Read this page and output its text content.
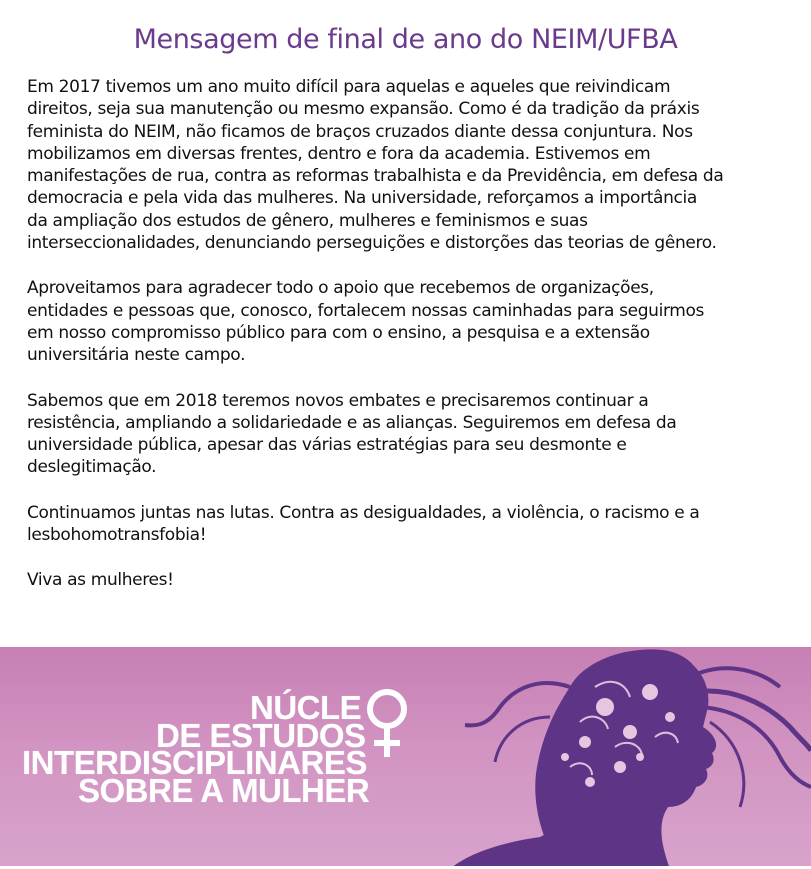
Mensagem de final de ano do NEIM/UFBA

Em 2017 tivemos um ano muito difícil para aquelas e aqueles que reivindicam
direitos, seja sua manutenção ou mesmo expansão. Como é da tradição da práxis
feminista do NEIM, não ficamos de braços cruzados diante dessa conjuntura. Nos
mobilizamos em diversas frentes, dentro e fora da academia. Estivemos em
manifestações de rua, contra as reformas trabalhista e da Previdência, em defesa da
democracia e pela vida das mulheres. Na universidade, reforçamos a importância
da ampliação dos estudos de gênero, mulheres e feminismos e suas
interseccionalidades, denunciando perseguições e distorções das teorias de gênero.

Aproveitamos para agradecer todo o apoio que recebemos de organizações,
entidades e pessoas que, conosco, fortalecem nossas caminhadas para seguirmos
em nosso compromisso público para com o ensino, a pesquisa e a extensão
universitária neste campo.

Sabemos que em 2018 teremos novos embates e precisaremos continuar a
resistência, ampliando a solidariedade e as alianças. Seguiremos em defesa da
universidade pública, apesar das várias estratégias para seu desmonte e
deslegitimação.

Continuamos juntas nas lutas. Contra as desigualdades, a violência, o racismo e a
lesbohomotransfobia!

Viva as mulheres!

NÚCLE
DE ESTUDOS
INTERDISCIPLINARES
SOBRE A MULHER
